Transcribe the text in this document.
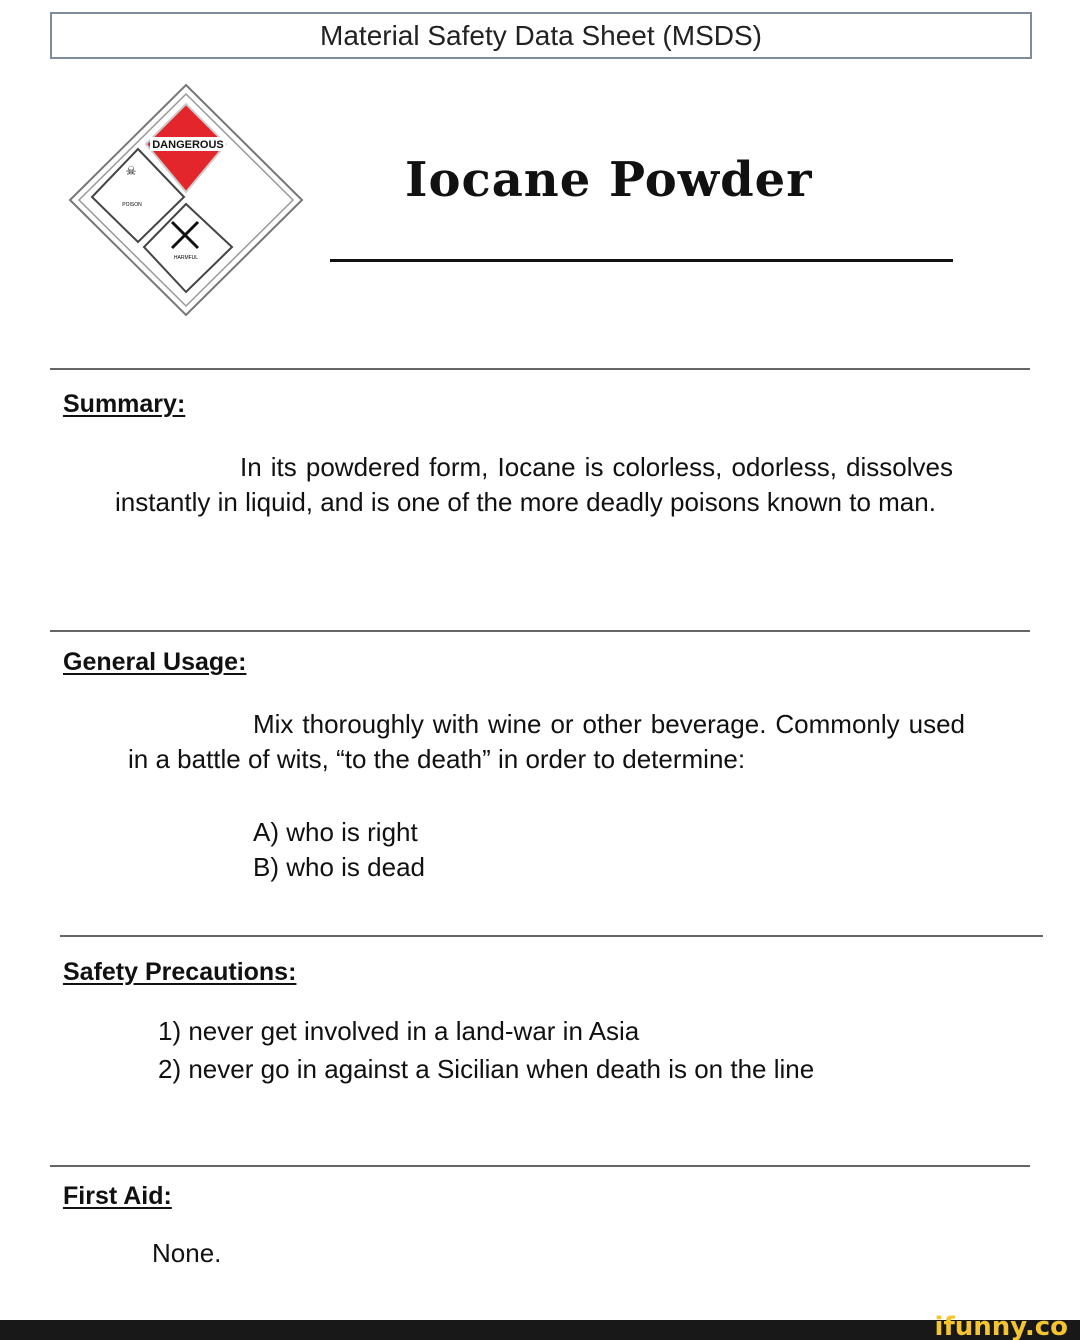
Material Safety Data Sheet (MSDS)
DANGEROUS
☠
POISON
HARMFUL
Iocane Powder
Summary:
In its powdered form, Iocane is colorless, odorless, dissolves instantly in liquid, and is one of the more deadly poisons known to man.
General Usage:
Mix thoroughly with wine or other beverage. Commonly used in a battle of wits, “to the death” in order to determine:
A) who is right
B) who is dead
Safety Precautions:
1) never get involved in a land-war in Asia
2) never go in against a Sicilian when death is on the line
First Aid:
None.
ifunny.co
